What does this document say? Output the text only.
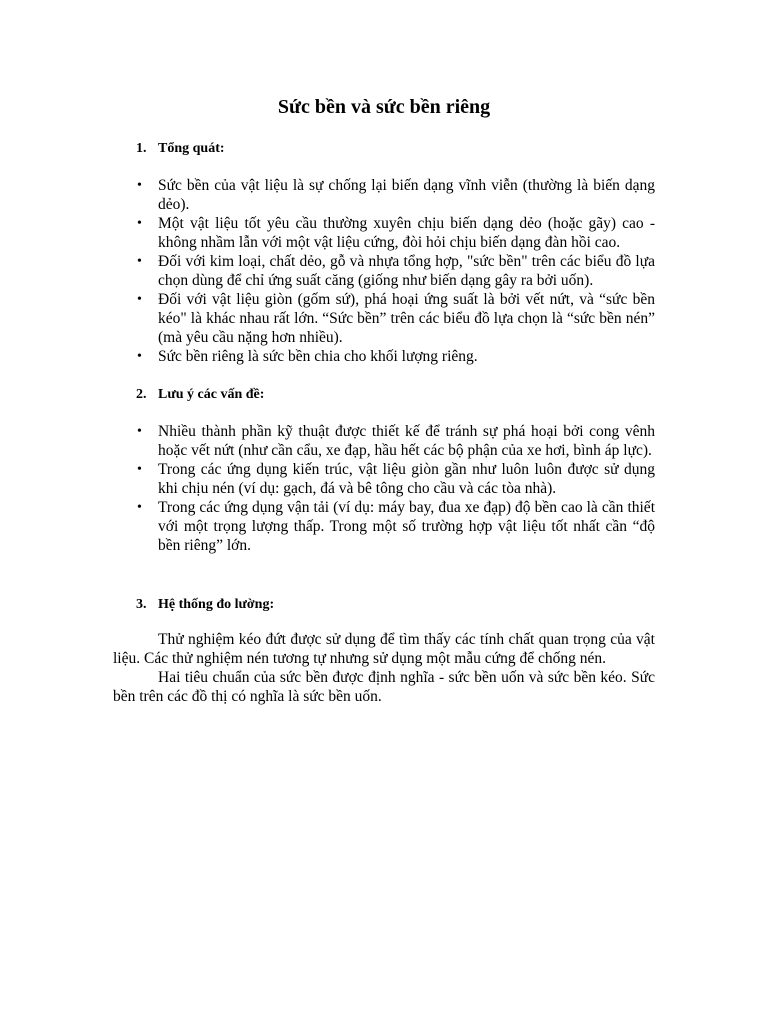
Sức bền và sức bền riêng
1. Tổng quát:
• Sức bền của vật liệu là sự chống lại biến dạng vĩnh viễn (thường là biến dạng dẻo).
• Một vật liệu tốt yêu cầu thường xuyên chịu biến dạng dẻo (hoặc gãy) cao - không nhầm lẫn với một vật liệu cứng, đòi hỏi chịu biến dạng đàn hồi cao.
• Đối với kim loại, chất dẻo, gỗ và nhựa tổng hợp, "sức bền" trên các biểu đồ lựa chọn dùng để chỉ ứng suất căng (giống như biến dạng gây ra bởi uốn).
• Đối với vật liệu giòn (gốm sứ), phá hoại ứng suất là bởi vết nứt, và “sức bền kéo" là khác nhau rất lớn. “Sức bền” trên các biểu đồ lựa chọn là “sức bền nén” (mà yêu cầu nặng hơn nhiều).
• Sức bền riêng là sức bền chia cho khối lượng riêng.
2. Lưu ý các vấn đề:
• Nhiều thành phần kỹ thuật được thiết kế để tránh sự phá hoại bởi cong vênh hoặc vết nứt (như cần cẩu, xe đạp, hầu hết các bộ phận của xe hơi, bình áp lực).
• Trong các ứng dụng kiến trúc, vật liệu giòn gần như luôn luôn được sử dụng khi chịu nén (ví dụ: gạch, đá và bê tông cho cầu và các tòa nhà).
• Trong các ứng dụng vận tải (ví dụ: máy bay, đua xe đạp) độ bền cao là cần thiết với một trọng lượng thấp. Trong một số trường hợp vật liệu tốt nhất cần “độ bền riêng” lớn.
3. Hệ thống đo lường:

Thử nghiệm kéo đứt được sử dụng để tìm thấy các tính chất quan trọng của vật liệu. Các thử nghiệm nén tương tự nhưng sử dụng một mẫu cứng để chống nén.

Hai tiêu chuẩn của sức bền được định nghĩa - sức bền uốn và sức bền kéo. Sức bền trên các đồ thị có nghĩa là sức bền uốn.
